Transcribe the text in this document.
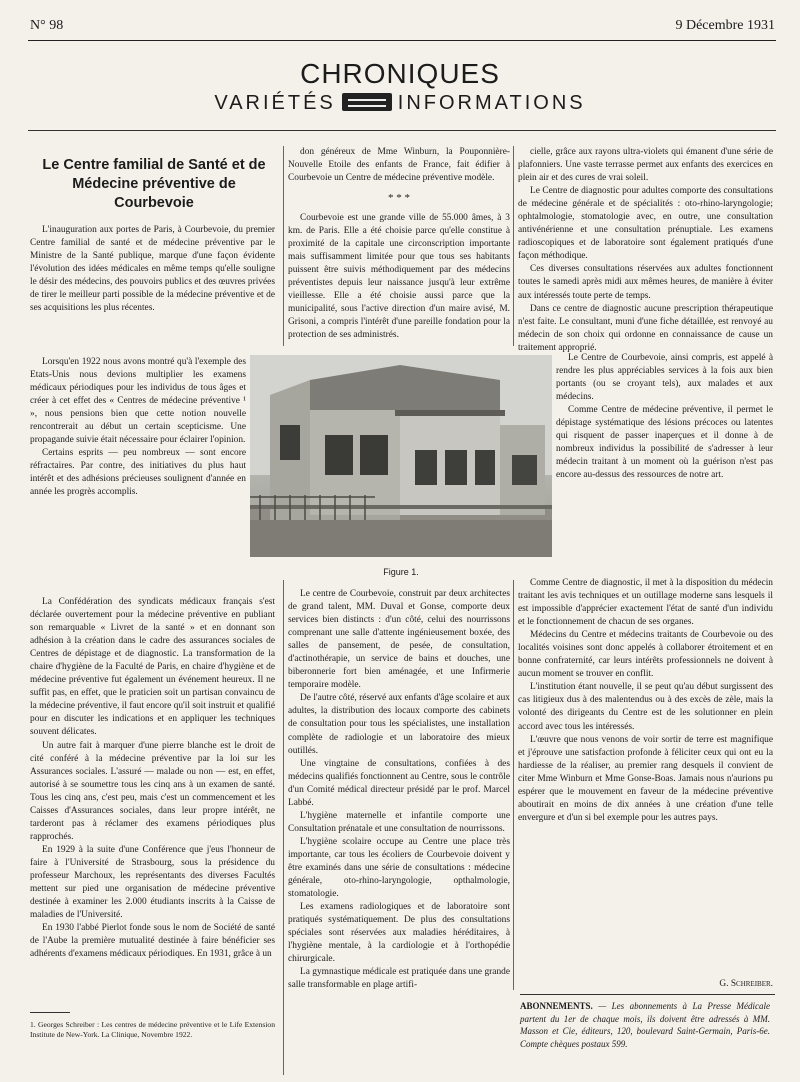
N° 98	9 Décembre 1931
CHRONIQUES
VARIÉTÉS	INFORMATIONS
Le Centre familial de Santé et de Médecine préventive de Courbevoie

L'inauguration aux portes de Paris, à Courbevoie, du premier Centre familial de santé et de médecine préventive par le Ministre de la Santé publique, marque d'une façon évidente l'évolution des idées médicales en même temps qu'elle souligne le désir des médecins, des pouvoirs publics et des œuvres privées de tirer le meilleur parti possible de la médecine préventive et de ses acquisitions les plus récentes.

Lorsqu'en 1922 nous avons montré qu'à l'exemple des Etats-Unis nous devions multiplier les examens médicaux périodiques pour les individus de tous âges et créer à cet effet des « Centres de médecine préventive ¹ », nous pensions bien que cette notion nouvelle rencontrerait au début un certain scepticisme. Une propagande suivie était nécessaire pour éclairer l'opinion.

Certains esprits — peu nombreux — sont encore réfractaires. Par contre, des initiatives du plus haut intérêt et des adhésions précieuses soulignent d'année en année les progrès accomplis.

La Confédération des syndicats médicaux français s'est déclarée ouvertement pour la médecine préventive en publiant son remarquable « Livret de la santé » et en donnant son adhésion à la création dans le cadre des assurances sociales de Centres de dépistage et de diagnostic. La transformation de la chaire d'hygiène de la Faculté de Paris, en chaire d'hygiène et de médecine préventive fut également un événement heureux. Il ne suffit pas, en effet, que le praticien soit un partisan convaincu de la médecine préventive, il faut encore qu'il soit instruit et qualifié pour en discuter les indications et en appliquer les techniques souvent délicates.

Un autre fait à marquer d'une pierre blanche est le droit de cité conféré à la médecine préventive par la loi sur les Assurances sociales. L'assuré — malade ou non — est, en effet, autorisé à se soumettre tous les cinq ans à un examen de santé. Tous les cinq ans, c'est peu, mais c'est un commencement et les Caisses d'Assurances sociales, dans leur propre intérêt, ne tarderont pas à réclamer des examens périodiques plus rapprochés.

En 1929 à la suite d'une Conférence que j'eus l'honneur de faire à l'Université de Strasbourg, sous la présidence du professeur Marchoux, les représentants des diverses Facultés mettent sur pied une organisation de médecine préventive destinée à examiner les 2.000 étudiants inscrits à la Caisse de maladies de l'Université.

En 1930 l'abbé Pierlot fonde sous le nom de Société de santé de l'Aube la première mutualité destinée à faire bénéficier ses adhérents d'examens médicaux périodiques. En 1931, grâce à un

don généreux de Mme Winburn, la Pouponnière-Nouvelle Etoile des enfants de France, fait édifier à Courbevoie un Centre de médecine préventive modèle.

* * *

Courbevoie est une grande ville de 55.000 âmes, à 3 km. de Paris. Elle a été choisie parce qu'elle constitue à proximité de la capitale une circonscription importante mais suffisamment limitée pour que tous ses habitants puissent être suivis méthodiquement par des médecins préventistes depuis leur naissance jusqu'à leur extrême vieillesse. Elle a été choisie aussi parce que la municipalité, sous l'active direction d'un maire avisé, M. Grisoni, a compris l'intérêt d'une pareille fondation pour la protection de ses administrés.

Figure 1.

Le centre de Courbevoie, construit par deux architectes de grand talent, MM. Duval et Gonse, comporte deux services bien distincts : d'un côté, celui des nourrissons comprenant une salle d'attente ingénieusement boxée, des salles de pansement, de pesée, de consultation, d'actinothérapie, un service de bains et douches, une biberonnerie fort bien aménagée, et une Infirmerie temporaire modèle.

De l'autre côté, réservé aux enfants d'âge scolaire et aux adultes, la distribution des locaux comporte des cabinets de consultation pour tous les spécialistes, une installation complète de radiologie et un laboratoire des mieux outillés.

Une vingtaine de consultations, confiées à des médecins qualifiés fonctionnent au Centre, sous le contrôle d'un Comité médical directeur présidé par le prof. Marcel Labbé.

L'hygiène maternelle et infantile comporte une Consultation prénatale et une consultation de nourrissons.

L'hygiène scolaire occupe au Centre une place très importante, car tous les écoliers de Courbevoie doivent y être examinés dans une série de consultations : médecine générale, oto-rhino-laryngologie, opthalmologie, stomatologie.

Les examens radiologiques et de laboratoire sont pratiqués systématiquement. De plus des consultations spéciales sont réservées aux maladies héréditaires, à l'hygiène mentale, à la cardiologie et à l'orthopédie chirurgicale.

La gymnastique médicale est pratiquée dans une grande salle transformable en plage artifi-

cielle, grâce aux rayons ultra-violets qui émanent d'une série de plafonniers. Une vaste terrasse permet aux enfants des exercices en plein air et des cures de vrai soleil.

Le Centre de diagnostic pour adultes comporte des consultations de médecine générale et de spécialités : oto-rhino-laryngologie; ophtalmologie, stomatologie avec, en outre, une consultation antivénérienne et une consultation prénuptiale. Les examens radioscopiques et de laboratoire sont également pratiqués d'une façon méthodique.

Ces diverses consultations réservées aux adultes fonctionnent toutes le samedi après midi aux mêmes heures, de manière à éviter aux intéressés toute perte de temps.

Dans ce centre de diagnostic aucune prescription thérapeutique n'est faite. Le consultant, muni d'une fiche détaillée, est renvoyé au médecin de son choix qui ordonne en connaissance de cause un traitement approprié.

Le Centre de Courbevoie, ainsi compris, est appelé à rendre les plus appréciables services à la fois aux bien portants (ou se croyant tels), aux malades et aux médecins.

Comme Centre de médecine préventive, il permet le dépistage systématique des lésions précoces ou latentes qui risquent de passer inaperçues et il donne à de nombreux individus la possibilité de s'adresser à leur médecin traitant à un moment où la guérison n'est pas encore au-dessus des ressources de notre art.

Comme Centre de diagnostic, il met à la disposition du médecin traitant les avis techniques et un outillage moderne sans lesquels il est impossible d'apprécier exactement l'état de santé d'un individu et le fonctionnement de chacun de ses organes.

Médecins du Centre et médecins traitants de Courbevoie ou des localités voisines sont donc appelés à collaborer étroitement et en bonne confraternité, car leurs intérêts professionnels ne doivent à aucun moment se trouver en conflit.

L'institution étant nouvelle, il se peut qu'au début surgissent des cas litigieux dus à des malentendus ou à des excès de zèle, mais la volonté des dirigeants du Centre est de les solutionner en plein accord avec tous les intéressés.

L'œuvre que nous venons de voir sortir de terre est magnifique et j'éprouve une satisfaction profonde à féliciter ceux qui ont eu la hardiesse de la réaliser, au premier rang desquels il convient de citer Mme Winburn et Mme Gonse-Boas. Jamais nous n'aurions pu espérer que le mouvement en faveur de la médecine préventive aboutirait en moins de dix années à une création d'une telle envergure et d'un si bel exemple pour les autres pays.

G. Schreiber.
1. Georges Schreiber : Les centres de médecine préventive et le Life Extension Institute de New-York. La Clinique, Novembre 1922.
ABONNEMENTS. — Les abonnements à La Presse Médicale partent du 1er de chaque mois, ils doivent être adressés à MM. Masson et Cie, éditeurs, 120, boulevard Saint-Germain, Paris-6e. Compte chèques postaux 599.
